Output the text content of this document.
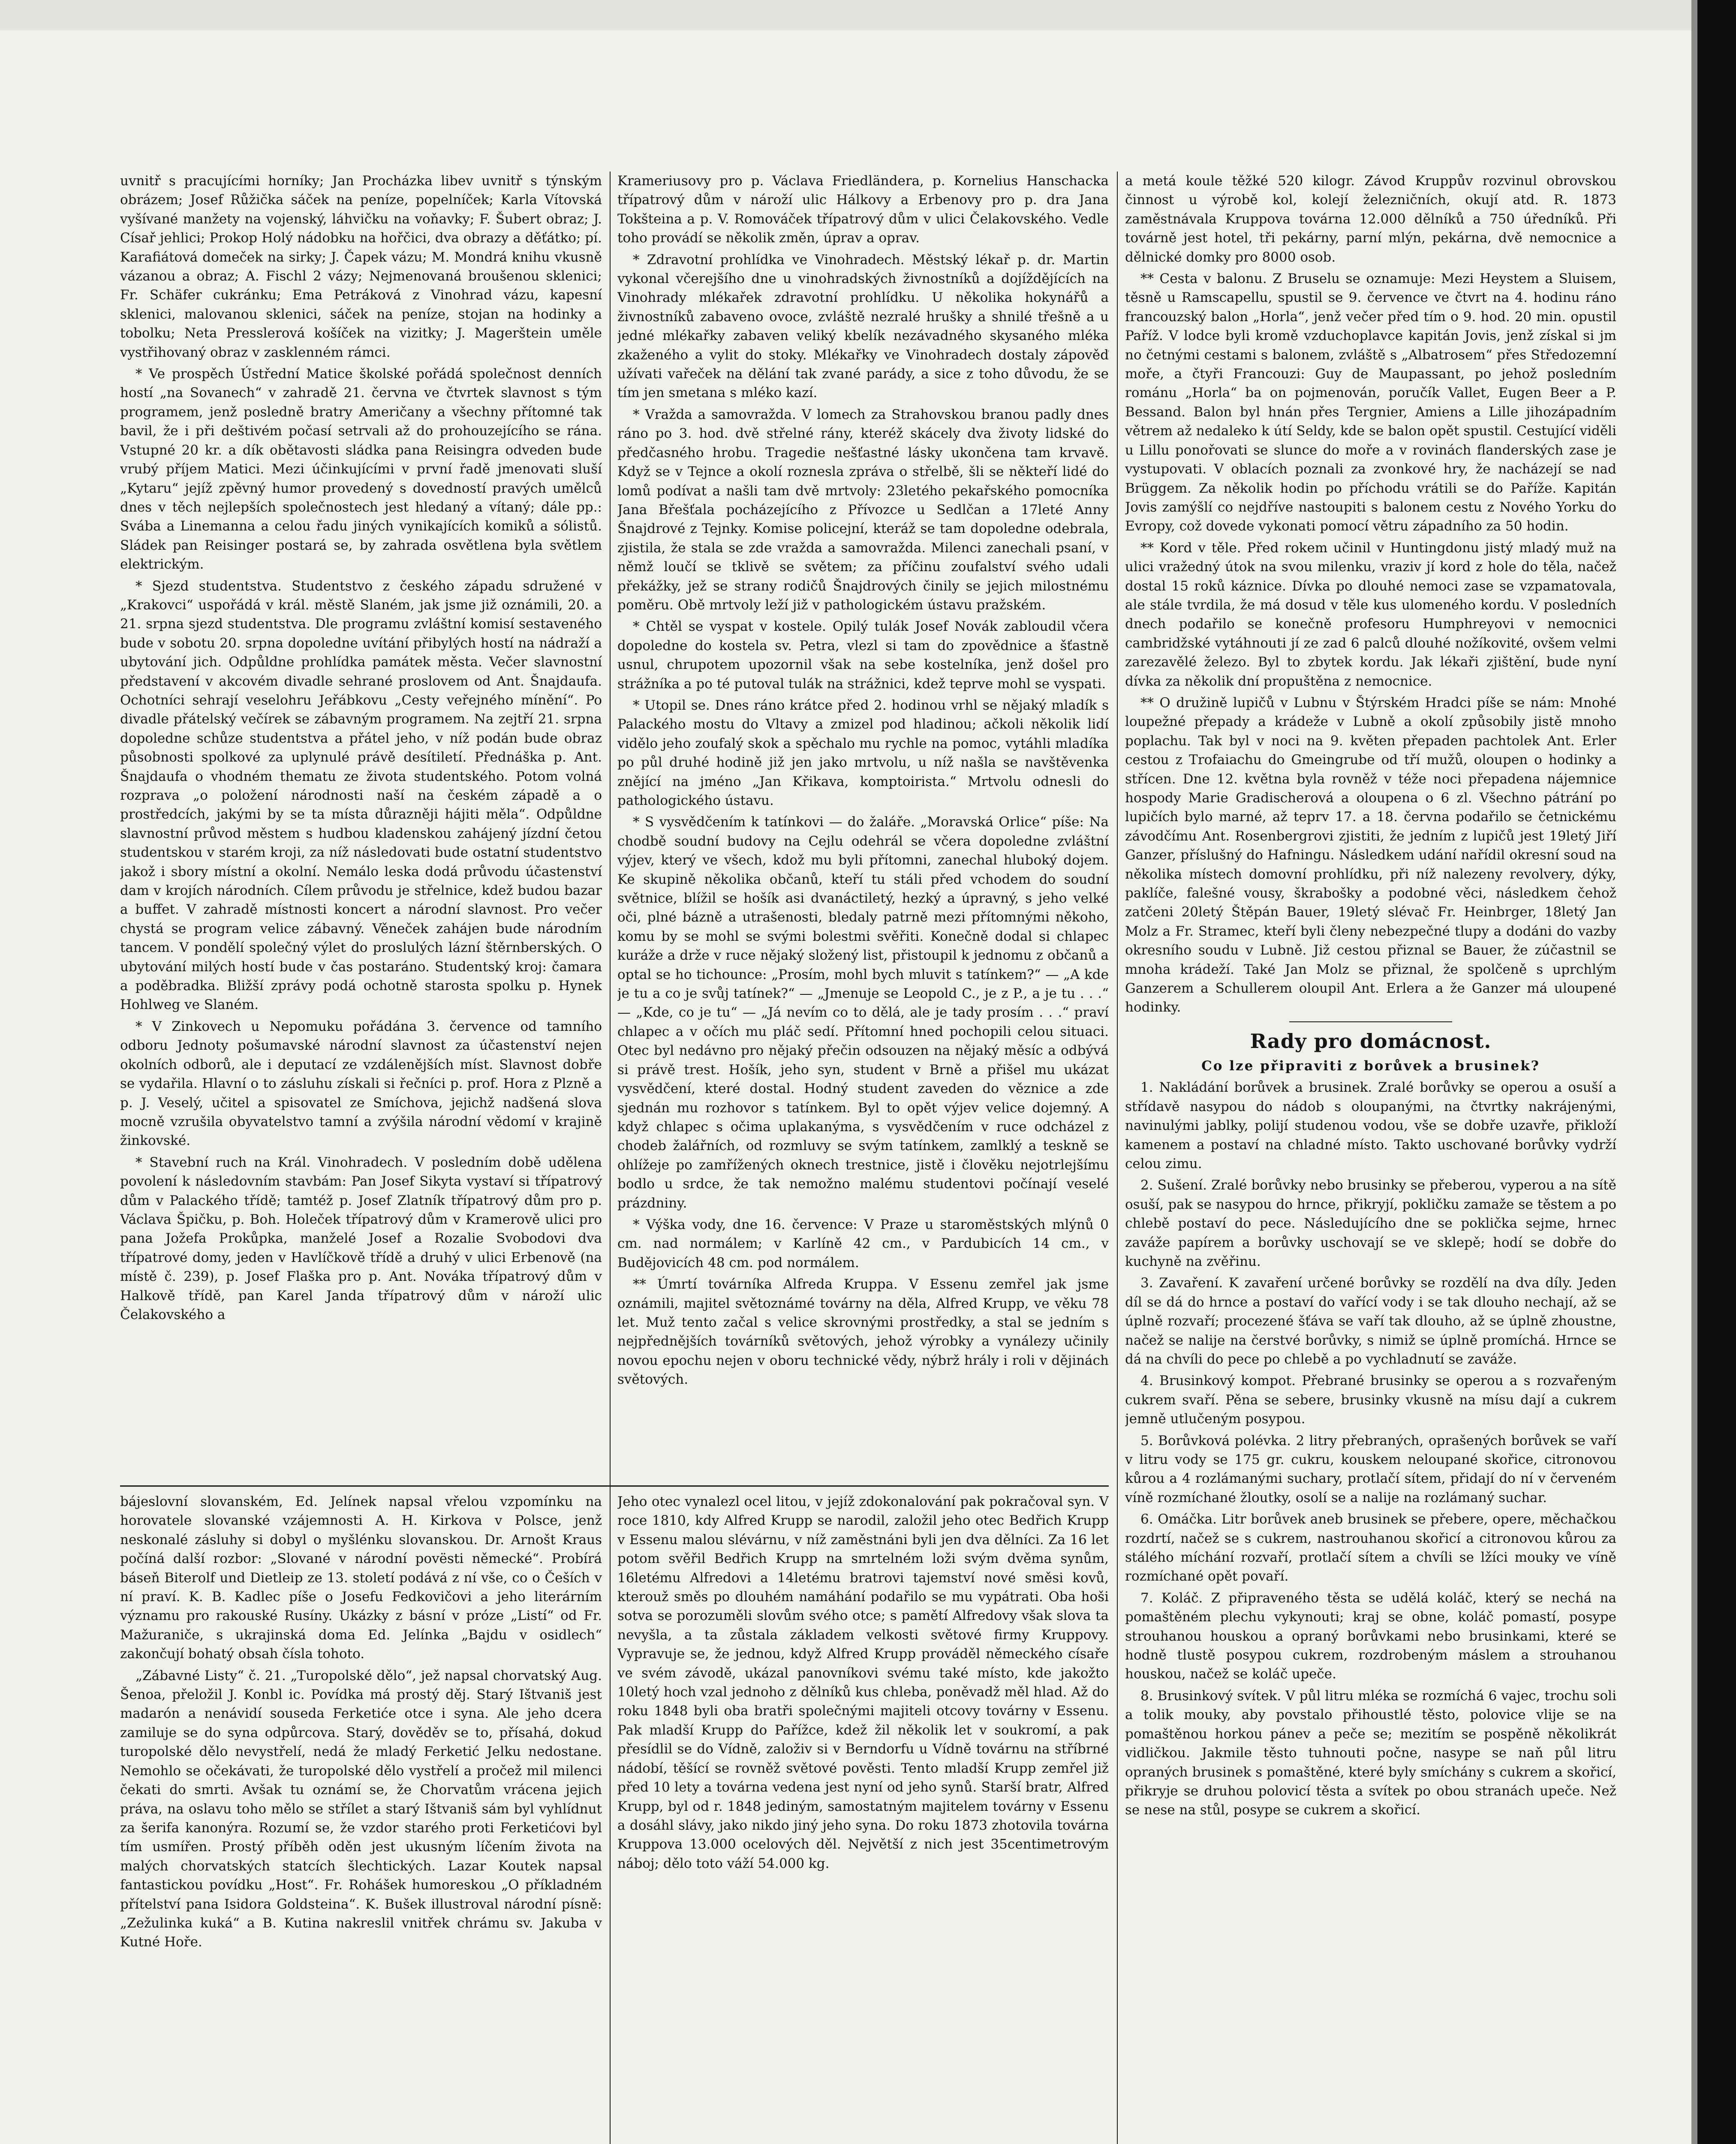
uvnitř s pracujícími horníky; Jan Procházka libev uvnitř s týnským obrázem; Josef Růžička sáček na peníze, popelníček; Karla Vítovská vyšívané manžety na vojenský, láhvičku na voňavky; F. Šubert obraz; J. Císař jehlici; Prokop Holý nádobku na hořčici, dva obrazy a děťátko; pí. Karafiátová domeček na sirky; J. Čapek vázu; M. Mondrá knihu vkusně vázanou a obraz; A. Fischl 2 vázy; Nejmenovaná broušenou sklenici; Fr. Schäfer cukránku; Ema Petráková z Vinohrad vázu, kapesní sklenici, malovanou sklenici, sáček na peníze, stojan na hodinky a tobolku; Neta Presslerová košíček na vizitky; J. Magerštein uměle vystřihovaný obraz v zasklenném rámci.

* Ve prospěch Ústřední Matice školské pořádá společnost denních hostí „na Sovanech“ v zahradě 21. června ve čtvrtek slavnost s tým programem, jenž posledně bratry Američany a všechny přítomné tak bavil, že i při deštivém počasí setrvali až do prohouzejícího se rána. Vstupné 20 kr. a dík obětavosti sládka pana Reisingra odveden bude vrubý příjem Matici. Mezi účinkujícími v první řadě jmenovati sluší „Kytaru“ jejíž zpěvný humor provedený s dovedností pravých umělců dnes v těch nejlepších společnostech jest hledaný a vítaný; dále pp.: Svába a Linemanna a celou řadu jiných vynikajících komiků a sólistů. Sládek pan Reisinger postará se, by zahrada osvětlena byla světlem elektrickým.

* Sjezd studentstva. Studentstvo z českého západu sdružené v „Krakovci“ uspořádá v král. městě Slaném, jak jsme již oznámili, 20. a 21. srpna sjezd studentstva. Dle programu zvláštní komisí sestaveného bude v sobotu 20. srpna dopoledne uvítání přibylých hostí na nádraží a ubytování jich. Odpůldne prohlídka památek města. Večer slavnostní představení v akcovém divadle sehrané proslovem od Ant. Šnajdaufa. Ochotníci sehrají veselohru Jeřábkovu „Cesty veřejného mínění“. Po divadle přátelský večírek se zábavným programem. Na zejtří 21. srpna dopoledne schůze studentstva a přátel jeho, v níž podán bude obraz působnosti spolkové za uplynulé právě desítiletí. Přednáška p. Ant. Šnajdaufa o vhodném thematu ze života studentského. Potom volná rozprava „o položení národnosti naší na českém západě a o prostředcích, jakými by se ta místa důrazněji hájiti měla“. Odpůldne slavnostní průvod městem s hudbou kladenskou zahájený jízdní četou studentskou v starém kroji, za níž následovati bude ostatní studentstvo jakož i sbory místní a okolní. Nemálo leska dodá průvodu účastenství dam v krojích národních. Cílem průvodu je střelnice, kdež budou bazar a buffet. V zahradě místnosti koncert a národní slavnost. Pro večer chystá se program velice zábavný. Věneček zahájen bude národním tancem. V pondělí společný výlet do proslulých lázní štěrnberských. O ubytování milých hostí bude v čas postaráno. Studentský kroj: čamara a poděbradka. Bližší zprávy podá ochotně starosta spolku p. Hynek Hohlweg ve Slaném.

* V Zinkovech u Nepomuku pořádána 3. července od tamního odboru Jednoty pošumavské národní slavnost za účastenství nejen okolních odborů, ale i deputací ze vzdálenějších míst. Slavnost dobře se vydařila. Hlavní o to zásluhu získali si řečníci p. prof. Hora z Plzně a p. J. Veselý, učitel a spisovatel ze Smíchova, jejichž nadšená slova mocně vzrušila obyvatelstvo tamní a zvýšila národní vědomí v krajině žinkovské.

* Stavební ruch na Král. Vinohradech. V posledním době udělena povolení k následovním stavbám: Pan Josef Sikyta vystaví si třípatrový dům v Palackého třídě; tamtéž p. Josef Zlatník třípatrový dům pro p. Václava Špičku, p. Boh. Holeček třípatrový dům v Kramerově ulici pro pana Jožefa Prokůpka, manželé Josef a Rozalie Svobodovi dva třípatrové domy, jeden v Havlíčkově třídě a druhý v ulici Erbenově (na místě č. 239), p. Josef Flaška pro p. Ant. Nováka třípatrový dům v Halkově třídě, pan Karel Janda třípatrový dům v nároží ulic Čelakovského a

Krameriusovy pro p. Václava Friedländera, p. Kornelius Hanschacka třípatrový dům v nároží ulic Hálkovy a Erbenovy pro p. dra Jana Tokšteina a p. V. Romováček třípatrový dům v ulici Čelakovského. Vedle toho provádí se několik změn, úprav a oprav.

* Zdravotní prohlídka ve Vinohradech. Městský lékař p. dr. Martin vykonal včerejšího dne u vinohradských živnostníků a dojíždějících na Vinohrady mlékařek zdravotní prohlídku. U několika hokynářů a živnostníků zabaveno ovoce, zvláště nezralé hrušky a shnilé třešně a u jedné mlékařky zabaven veliký kbelík nezávadného skysaného mléka zkaženého a vylit do stoky. Mlékařky ve Vinohradech dostaly zápověď užívati vařeček na dělání tak zvané parády, a sice z toho důvodu, že se tím jen smetana s mléko kazí.

* Vražda a samovražda. V lomech za Strahovskou branou padly dnes ráno po 3. hod. dvě střelné rány, kteréž skácely dva životy lidské do předčasného hrobu. Tragedie nešťastné lásky ukončena tam krvavě. Když se v Tejnce a okolí roznesla zpráva o střelbě, šli se někteří lidé do lomů podívat a našli tam dvě mrtvoly: 23letého pekařského pomocníka Jana Břešťala pocházejícího z Přívozce u Sedlčan a 17leté Anny Šnajdrové z Tejnky. Komise policejní, kteráž se tam dopoledne odebrala, zjistila, že stala se zde vražda a samovražda. Milenci zanechali psaní, v němž loučí se tklivě se světem; za příčinu zoufalství svého udali překážky, jež se strany rodičů Šnajdrových činily se jejich milostnému poměru. Obě mrtvoly leží již v pathologickém ústavu pražském.

* Chtěl se vyspat v kostele. Opilý tulák Josef Novák zabloudil včera dopoledne do kostela sv. Petra, vlezl si tam do zpovědnice a šťastně usnul, chrupotem upozornil však na sebe kostelníka, jenž došel pro strážníka a po té putoval tulák na strážnici, kdež teprve mohl se vyspati.

* Utopil se. Dnes ráno krátce před 2. hodinou vrhl se nějaký mladík s Palackého mostu do Vltavy a zmizel pod hladinou; ačkoli několik lidí vidělo jeho zoufalý skok a spěchalo mu rychle na pomoc, vytáhli mladíka po půl druhé hodině již jen jako mrtvolu, u níž našla se navštěvenka znějící na jméno „Jan Křikava, komptoirista.“ Mrtvolu odnesli do pathologického ústavu.

* S vysvědčením k tatínkovi — do žaláře. „Moravská Orlice“ píše: Na chodbě soudní budovy na Cejlu odehrál se včera dopoledne zvláštní výjev, který ve všech, kdož mu byli přítomni, zanechal hluboký dojem. Ke skupině několika občanů, kteří tu stáli před vchodem do soudní světnice, blížil se hošík asi dvanáctiletý, hezký a úpravný, s jeho velké oči, plné bázně a utrašenosti, bledaly patrně mezi přítomnými někoho, komu by se mohl se svými bolestmi svěřiti. Konečně dodal si chlapec kuráže a drže v ruce nějaký složený list, přistoupil k jednomu z občanů a optal se ho tichounce: „Prosím, mohl bych mluvit s tatínkem?“ — „A kde je tu a co je svůj tatínek?“ — „Jmenuje se Leopold C., je z P., a je tu . . .“ — „Kde, co je tu“ — „Já nevím co to dělá, ale je tady prosím . . .“ praví chlapec a v očích mu pláč sedí. Přítomní hned pochopili celou situaci. Otec byl nedávno pro nějaký přečin odsouzen na nějaký měsíc a odbývá si právě trest. Hošík, jeho syn, student v Brně a přišel mu ukázat vysvědčení, které dostal. Hodný student zaveden do věznice a zde sjednán mu rozhovor s tatínkem. Byl to opět výjev velice dojemný. A když chlapec s očima uplakanýma, s vysvědčením v ruce odcházel z chodeb žalářních, od rozmluvy se svým tatínkem, zamlklý a teskně se ohlížeje po zamřížených oknech trestnice, jistě i člověku nejotrlejšímu bodlo u srdce, že tak nemožno malému studentovi počínají veselé prázdniny.

* Výška vody, dne 16. července: V Praze u staroměstských mlýnů 0 cm. nad normálem; v Karlíně 42 cm., v Pardubicích 14 cm., v Budějovicích 48 cm. pod normálem.

** Úmrtí továrníka Alfreda Kruppa. V Essenu zemřel jak jsme oznámili, majitel světoznámé továrny na děla, Alfred Krupp, ve věku 78 let. Muž tento začal s velice skrovnými prostředky, a stal se jedním s nejpřednějších továrníků světových, jehož výrobky a vynálezy učinily novou epochu nejen v oboru technické vědy, nýbrž hrály i roli v dějinách světových.

a metá koule těžké 520 kilogr. Závod Kruppův rozvinul obrovskou činnost u výrobě kol, kolejí železničních, okují atd. R. 1873 zaměstnávala Kruppova továrna 12.000 dělníků a 750 úředníků. Při továrně jest hotel, tři pekárny, parní mlýn, pekárna, dvě nemocnice a dělnické domky pro 8000 osob.

** Cesta v balonu. Z Bruselu se oznamuje: Mezi Heystem a Sluisem, těsně u Ramscapellu, spustil se 9. července ve čtvrt na 4. hodinu ráno francouzský balon „Horla“, jenž večer před tím o 9. hod. 20 min. opustil Paříž. V lodce byli kromě vzduchoplavce kapitán Jovis, jenž získal si jm no četnými cestami s balonem, zvláště s „Albatrosem“ přes Středozemní moře, a čtyři Francouzi: Guy de Maupassant, po jehož posledním románu „Horla“ ba on pojmenován, poručík Vallet, Eugen Beer a P. Bessand. Balon byl hnán přes Tergnier, Amiens a Lille jihozápadním větrem až nedaleko k útí Seldy, kde se balon opět spustil. Cestující viděli u Lillu ponořovati se slunce do moře a v rovinách flanderských zase je vystupovati. V oblacích poznali za zvonkové hry, že nacházejí se nad Brüggem. Za několik hodin po příchodu vrátili se do Paříže. Kapitán Jovis zamýšlí co nejdříve nastoupiti s balonem cestu z Nového Yorku do Evropy, což dovede vykonati pomocí větru západního za 50 hodin.

** Kord v těle. Před rokem učinil v Huntingdonu jistý mladý muž na ulici vražedný útok na svou milenku, vraziv jí kord z hole do těla, načež dostal 15 roků káznice. Dívka po dlouhé nemoci zase se vzpamatovala, ale stále tvrdila, že má dosud v těle kus ulomeného kordu. V posledních dnech podařilo se konečně profesoru Humphreyovi v nemocnici cambridžské vytáhnouti jí ze zad 6 palců dlouhé nožíkovité, ovšem velmi zarezavělé železo. Byl to zbytek kordu. Jak lékaři zjištění, bude nyní dívka za několik dní propuštěna z nemocnice.

** O družině lupičů v Lubnu v Štýrském Hradci píše se nám: Mnohé loupežné přepady a krádeže v Lubně a okolí způsobily jistě mnoho poplachu. Tak byl v noci na 9. květen přepaden pachtolek Ant. Erler cestou z Trofaiachu do Gmeingrube od tří mužů, oloupen o hodinky a střícen. Dne 12. května byla rovněž v téže noci přepadena nájemnice hospody Marie Gradischerová a oloupena o 6 zl. Všechno pátrání po lupičích bylo marné, až teprv 17. a 18. června podařilo se četnickému závodčímu Ant. Rosenbergrovi zjistiti, že jedním z lupičů jest 19letý Jiří Ganzer, příslušný do Hafningu. Následkem udání nařídil okresní soud na několika místech domovní prohlídku, při níž nalezeny revolvery, dýky, paklíče, falešné vousy, škrabošky a podobné věci, následkem čehož zatčeni 20letý Štěpán Bauer, 19letý slévač Fr. Heinbrger, 18letý Jan Molz a Fr. Stramec, kteří byli členy nebezpečné tlupy a dodáni do vazby okresního soudu v Lubně. Již cestou přiznal se Bauer, že zúčastnil se mnoha krádeží. Také Jan Molz se přiznal, že spolčeně s uprchlým Ganzerem a Schullerem oloupil Ant. Erlera a že Ganzer má uloupené hodinky.

Rady pro domácnost.
Co lze připraviti z borůvek a brusinek?

1. Nakládání borůvek a brusinek. Zralé borůvky se operou a osuší a střídavě nasypou do nádob s oloupanými, na čtvrtky nakrájenými, navinulými jablky, polijí studenou vodou, vše se dobře uzavře, přikloží kamenem a postaví na chladné místo. Takto uschované borůvky vydrží celou zimu.

2. Sušení. Zralé borůvky nebo brusinky se přeberou, vyperou a na sítě osuší, pak se nasypou do hrnce, přikryjí, pokličku zamaže se těstem a po chlebě postaví do pece. Následujícího dne se poklička sejme, hrnec zaváže papírem a borůvky uschovají se ve sklepě; hodí se dobře do kuchyně na zvěřinu.

3. Zavaření. K zavaření určené borůvky se rozdělí na dva díly. Jeden díl se dá do hrnce a postaví do vařící vody i se tak dlouho nechají, až se úplně rozvaří; procezené šťáva se vaří tak dlouho, až se úplně zhoustne, načež se nalije na čerstvé borůvky, s nimiž se úplně promíchá. Hrnce se dá na chvíli do pece po chlebě a po vychladnutí se zaváže.

4. Brusinkový kompot. Přebrané brusinky se operou a s rozvařeným cukrem svaří. Pěna se sebere, brusinky vkusně na mísu dají a cukrem jemně utlučeným posypou.

5. Borůvková polévka. 2 litry přebraných, oprašených borůvek se vaří v litru vody se 175 gr. cukru, kouskem neloupané skořice, citronovou kůrou a 4 rozlámanými suchary, protlačí sítem, přidají do ní v červeném víně rozmíchané žloutky, osolí se a nalije na rozlámaný suchar.

6. Omáčka. Litr borůvek aneb brusinek se přebere, opere, měchačkou rozdrtí, načež se s cukrem, nastrouhanou skořicí a citronovou kůrou za stálého míchání rozvaří, protlačí sítem a chvíli se lžíci mouky ve víně rozmíchané opět povaří.

7. Koláč. Z připraveného těsta se udělá koláč, který se nechá na pomaštěném plechu vykynouti; kraj se obne, koláč pomastí, posype strouhanou houskou a opraný borůvkami nebo brusinkami, které se hodně tlustě posypou cukrem, rozdrobeným máslem a strouhanou houskou, načež se koláč upeče.

8. Brusinkový svítek. V půl litru mléka se rozmíchá 6 vajec, trochu soli a tolik mouky, aby povstalo přihoustlé těsto, polovice vlije se na pomaštěnou horkou pánev a peče se; mezitím se pospěně několikrát vidličkou. Jakmile těsto tuhnouti počne, nasype se naň půl litru opraných brusinek s pomaštěné, které byly smíchány s cukrem a skořicí, přikryje se druhou polovicí těsta a svítek po obou stranách upeče. Než se nese na stůl, posype se cukrem a skořicí.

bájeslovní slovanském, Ed. Jelínek napsal vřelou vzpomínku na horovatele slovanské vzájemnosti A. H. Kirkova v Polsce, jenž neskonalé zásluhy si dobyl o myšlénku slovanskou. Dr. Arnošt Kraus počíná další rozbor: „Slované v národní povësti německé“. Probírá báseň Biterolf und Dietleip ze 13. století podává z ní vše, co o Češích v ní praví. K. B. Kadlec píše o Josefu Fedkovičovi a jeho literárním významu pro rakouské Rusíny. Ukázky z básní v próze „Listí“ od Fr. Mažuraniče, s ukrajinská doma Ed. Jelínka „Bajdu v osidlech“ zakončují bohatý obsah čísla tohoto.

„Zábavné Listy“ č. 21. „Turopolské dělo“, jež napsal chorvatský Aug. Šenoa, přeložil J. Konbl ic. Povídka má prostý děj. Starý Ištvaniš jest madarón a nenávidí souseda Ferketiće otce i syna. Ale jeho dcera zamiluje se do syna odpůrcova. Starý, dověděv se to, přísahá, dokud turopolské dělo nevystřelí, nedá že mladý Ferketić Jelku nedostane. Nemohlo se očekávati, že turopolské dělo vystřelí a pročež mil milenci čekati do smrti. Avšak tu oznámí se, že Chorvatům vrácena jejich práva, na oslavu toho mělo se střílet a starý Ištvaniš sám byl vyhlídnut za šerifa kanonýra. Rozumí se, že vzdor starého proti Ferketićovi byl tím usmířen. Prostý příběh oděn jest ukusným líčením života na malých chorvatských statcích šlechtických. Lazar Koutek napsal fantastickou povídku „Host“. Fr. Rohášek humoreskou „O příkladném přítelství pana Isidora Goldsteina“. K. Bušek illustroval národní písně: „Zežulinka kuká“ a B. Kutina nakreslil vnitřek chrámu sv. Jakuba v Kutné Hoře.

Jeho otec vynalezl ocel litou, v jejíž zdokonalování pak pokračoval syn. V roce 1810, kdy Alfred Krupp se narodil, založil jeho otec Bedřich Krupp v Essenu malou slévárnu, v níž zaměstnáni byli jen dva dělníci. Za 16 let potom svěřil Bedřich Krupp na smrtelném loži svým dvěma synům, 16letému Alfredovi a 14letému bratrovi tajemství nové směsi kovů, kterouž směs po dlouhém namáhání podařilo se mu vypátrati. Oba hoši sotva se porozuměli slovům svého otce; s pamětí Alfredovy však slova ta nevyšla, a ta zůstala základem velkosti světové firmy Kruppovy. Vypravuje se, že jednou, když Alfred Krupp prováděl německého císaře ve svém závodě, ukázal panovníkovi svému také místo, kde jakožto 10letý hoch vzal jednoho z dělníků kus chleba, poněvadž měl hlad. Až do roku 1848 byli oba bratři společnými majiteli otcovy továrny v Essenu. Pak mladší Krupp do Pařížce, kdež žil několik let v soukromí, a pak přesídlil se do Vídně, založiv si v Berndorfu u Vídně továrnu na stříbrné nádobí, těšící se rovněž světové pověsti. Tento mladší Krupp zemřel již před 10 lety a továrna vedena jest nyní od jeho synů. Starší bratr, Alfred Krupp, byl od r. 1848 jediným, samostatným majitelem továrny v Essenu a dosáhl slávy, jako nikdo jiný jeho syna. Do roku 1873 zhotovila továrna Kruppova 13.000 ocelových děl. Největší z nich jest 35centimetrovým náboj; dělo toto váží 54.000 kg.
